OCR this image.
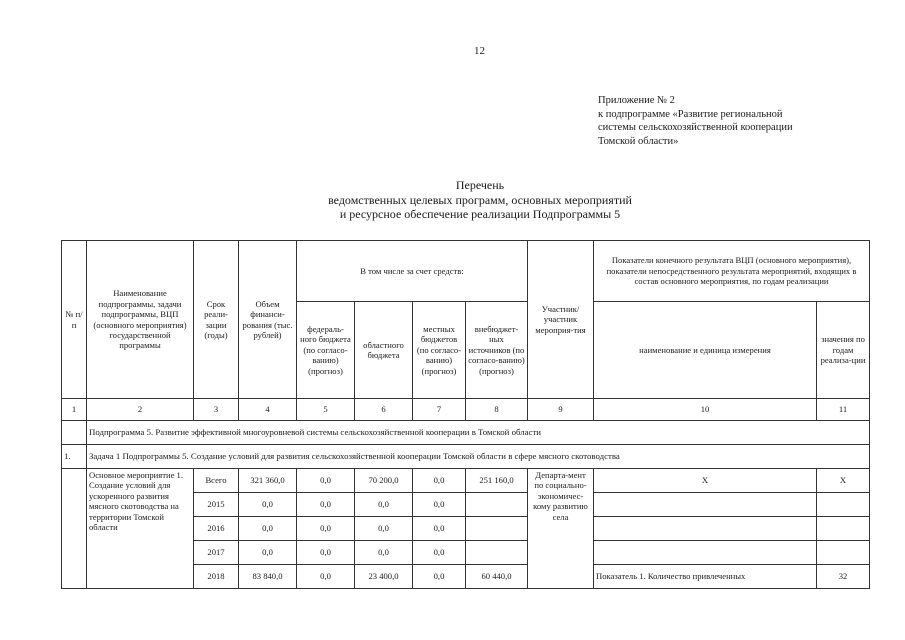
12
Приложение № 2
к подпрограмме «Развитие региональной
системы сельскохозяйственной кооперации
Томской области»
Перечень
ведомственных целевых программ, основных мероприятий
и ресурсное обеспечение реализации Подпрограммы 5
№ п/п	Наименование подпрограммы, задачи подпрограммы, ВЦП (основного мероприятия) государственной программы	Срок реали-зации (годы)	Объем финанси-рования (тыс. рублей)	В том числе за счет средств:				Участник/ участник мероприя-тия	Показатели конечного результата ВЦП (основного мероприятия), показатели непосредственного результата мероприятий, входящих в состав основного мероприятия, по годам реализации	
				федераль-ного бюджета (по согласо-ванию) (прогноз)	областного бюджета	местных бюджетов (по согласо-ванию) (прогноз)	внебюджет-ных источников (по согласо-ванию) (прогноз)		наименование и единица измерения	значения по годам реализа-ции
1	2	3	4	5	6	7	8	9	10	11
	Подпрограмма 5. Развитие эффективной многоуровневой системы сельскохозяйственной кооперации в Томской области									
1.	Задача 1 Подпрограммы 5. Создание условий для развития сельскохозяйственной кооперации Томской области в сфере мясного скотоводства									
	Основное мероприятие 1. Создание условий для ускоренного развития мясного скотоводства на территории Томской области	Всего	321 360,0	0,0	70 200,0	0,0	251 160,0	Департа-мент по социально-экономичес-кому развитию села	Х	Х
		2015	0,0	0,0	0,0	0,0				
		2016	0,0	0,0	0,0	0,0				
		2017	0,0	0,0	0,0	0,0				
		2018	83 840,0	0,0	23 400,0	0,0	60 440,0		Показатель 1. Количество привлеченных	32
